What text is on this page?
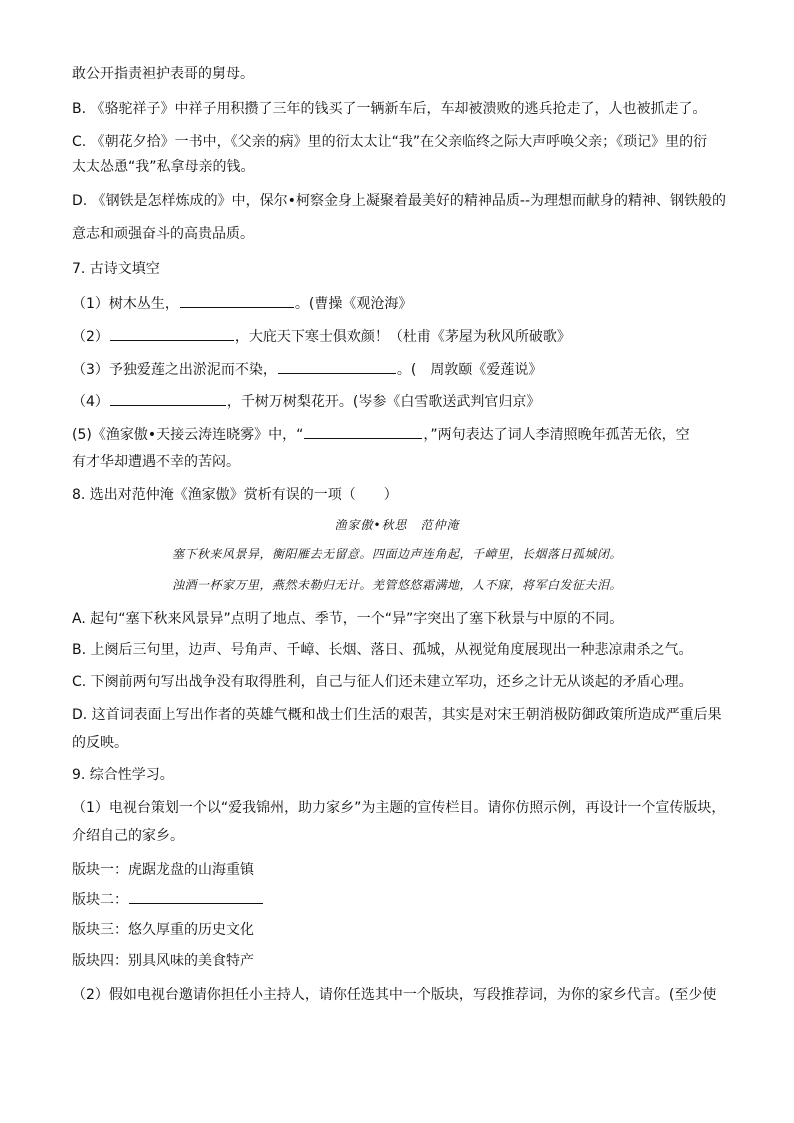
敢公开指责袒护表哥的舅母。
B. 《骆驼祥子》中祥子用积攒了三年的钱买了一辆新车后，车却被溃败的逃兵抢走了，人也被抓走了。
C. 《朝花夕拾》一书中，《父亲的病》里的衍太太让“我”在父亲临终之际大声呼唤父亲；《琐记》里的衍
太太怂恿“我”私拿母亲的钱。
D. 《钢铁是怎样炼成的》中，保尔•柯察金身上凝聚着最美好的精神品质--为理想而献身的精神、钢铁般的
意志和顽强奋斗的高贵品质。
7. 古诗文填空
（1）树木丛生，	。(曹操《观沧海》
（2）	，大庇天下寒士俱欢颜！（杜甫《茅屋为秋风所破歌》
（3）予独爱莲之出淤泥而不染，	。(　周敦颐《爱莲说》
（4）	，千树万树梨花开。(岑参《白雪歌送武判官归京》
(5)《渔家傲•天接云涛连晓雾》中，“	，”两句表达了词人李清照晚年孤苦无依，空
有才华却遭遇不幸的苦闷。
8. 选出对范仲淹《渔家傲》赏析有误的一项（　　）
渔家傲•秋思　范仲淹
塞下秋来风景异，衡阳雁去无留意。四面边声连角起，千嶂里，长烟落日孤城闭。
浊酒一杯家万里，燕然未勒归无计。羌管悠悠霜满地，人不寐，将军白发征夫泪。
A. 起句“塞下秋来风景异”点明了地点、季节，一个“异”字突出了塞下秋景与中原的不同。
B. 上阕后三句里，边声、号角声、千嶂、长烟、落日、孤城，从视觉角度展现出一种悲凉肃杀之气。
C. 下阕前两句写出战争没有取得胜利，自己与征人们还未建立军功，还乡之计无从谈起的矛盾心理。
D. 这首词表面上写出作者的英雄气概和战士们生活的艰苦，其实是对宋王朝消极防御政策所造成严重后果
的反映。
9. 综合性学习。
（1）电视台策划一个以“爱我锦州，助力家乡”为主题的宣传栏目。请你仿照示例，再设计一个宣传版块，
介绍自己的家乡。
版块一：虎踞龙盘的山海重镇
版块二：
版块三：悠久厚重的历史文化
版块四：别具风味的美食特产
（2）假如电视台邀请你担任小主持人，请你任选其中一个版块，写段推荐词，为你的家乡代言。(至少使
